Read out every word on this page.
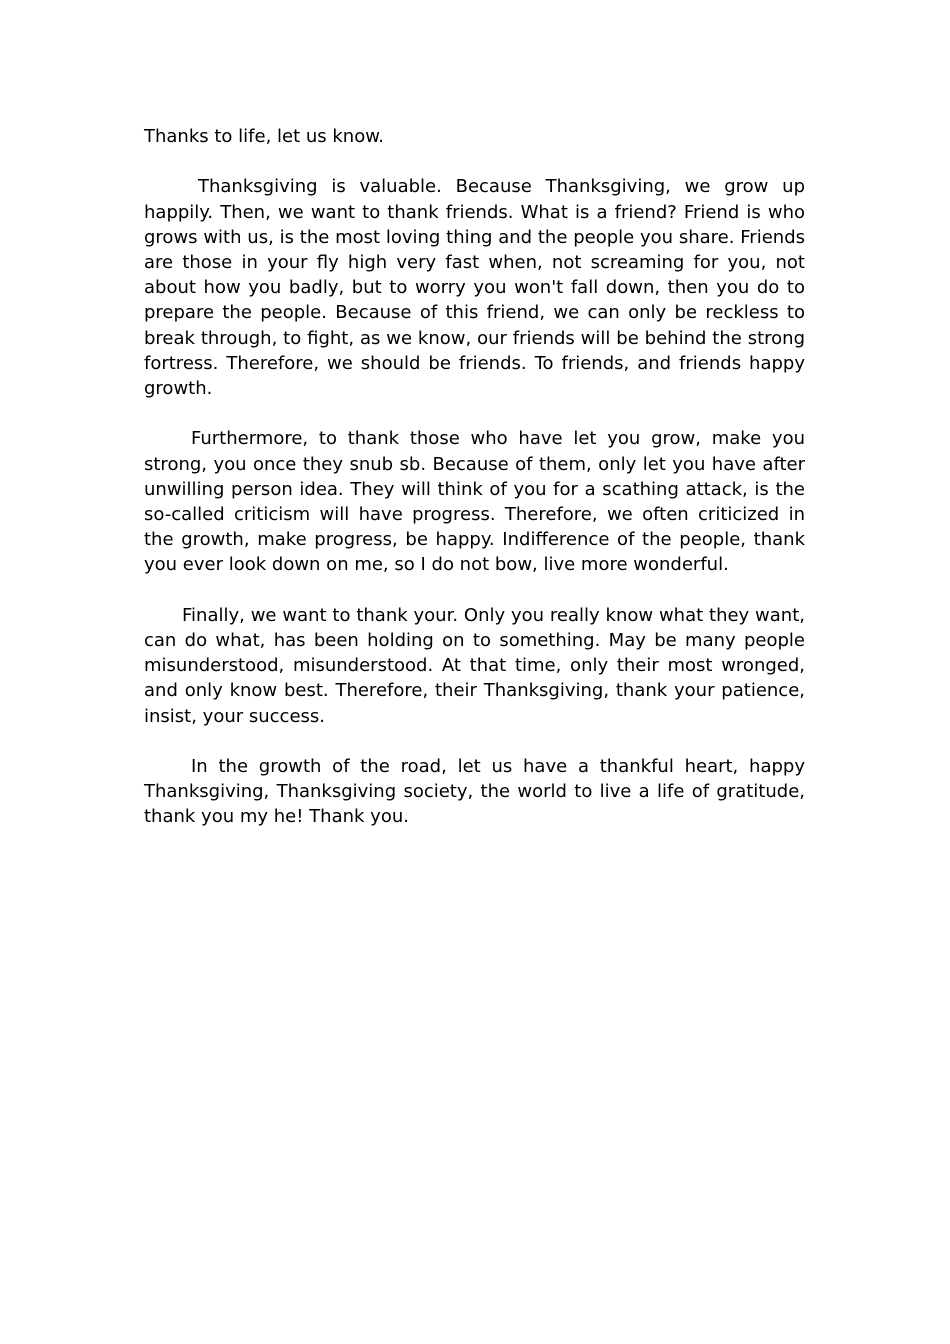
Thanks to life, let us know.

Thanksgiving is valuable. Because Thanksgiving, we grow up happily. Then, we want to thank friends. What is a friend? Friend is who grows with us, is the most loving thing and the people you share. Friends are those in your fly high very fast when, not screaming for you, not about how you badly, but to worry you won't fall down, then you do to prepare the people. Because of this friend, we can only be reckless to break through, to fight, as we know, our friends will be behind the strong fortress. Therefore, we should be friends. To friends, and friends happy growth.

Furthermore, to thank those who have let you grow, make you strong, you once they snub sb. Because of them, only let you have after unwilling person idea. They will think of you for a scathing attack, is the so-called criticism will have progress. Therefore, we often criticized in the growth, make progress, be happy. Indifference of the people, thank you ever look down on me, so I do not bow, live more wonderful.

Finally, we want to thank your. Only you really know what they want, can do what, has been holding on to something. May be many people misunderstood, misunderstood. At that time, only their most wronged, and only know best. Therefore, their Thanksgiving, thank your patience, insist, your success.

In the growth of the road, let us have a thankful heart, happy Thanksgiving, Thanksgiving society, the world to live a life of gratitude, thank you my he! Thank you.
